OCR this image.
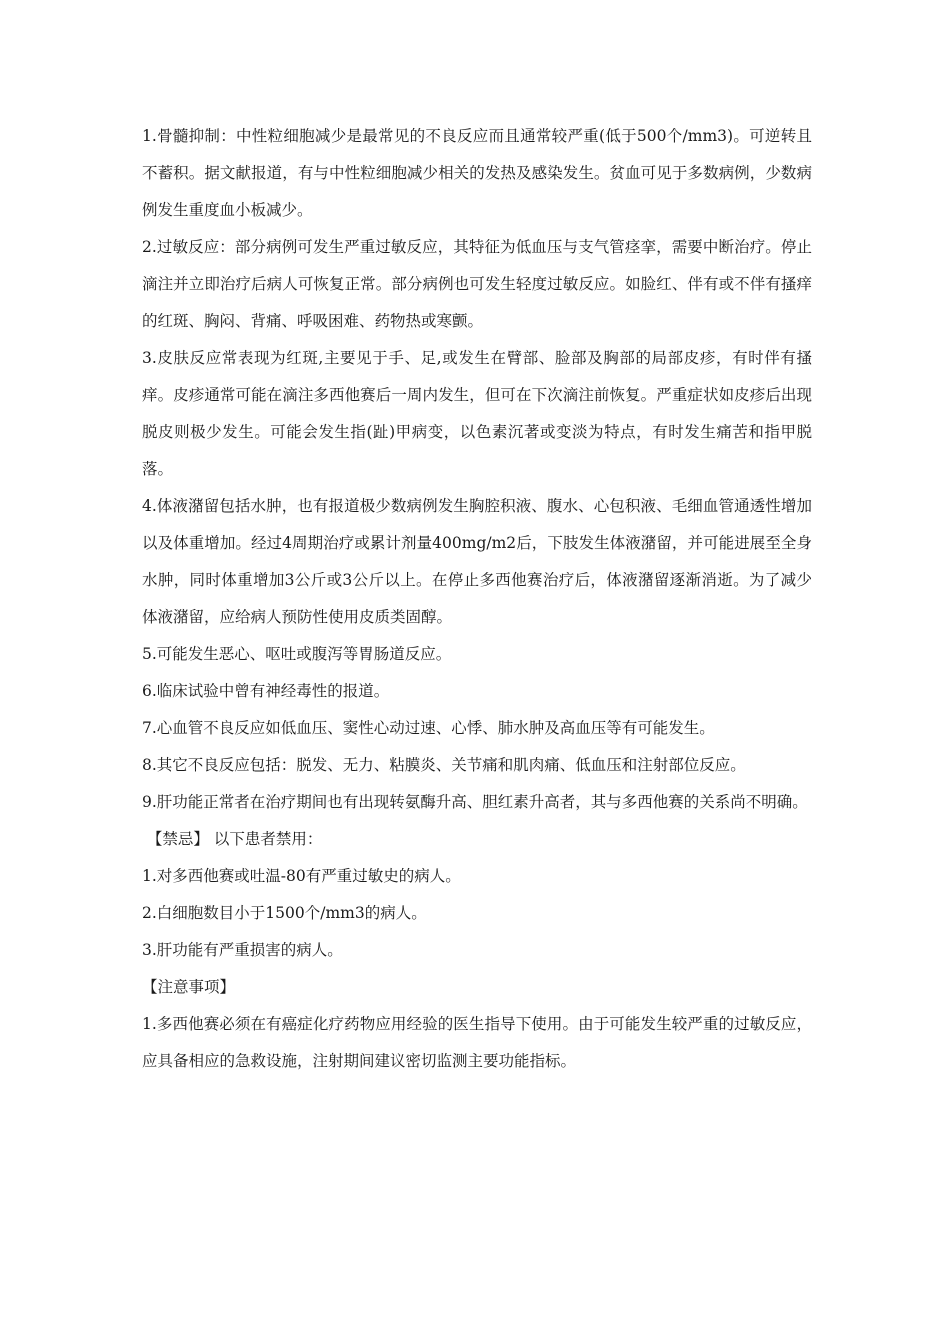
1.骨髓抑制：中性粒细胞减少是最常见的不良反应而且通常较严重(低于500个/mm3)。可逆转且不蓄积。据文献报道，有与中性粒细胞减少相关的发热及感染发生。贫血可见于多数病例，少数病例发生重度血小板减少。

2.过敏反应：部分病例可发生严重过敏反应，其特征为低血压与支气管痉挛，需要中断治疗。停止滴注并立即治疗后病人可恢复正常。部分病例也可发生轻度过敏反应。如脸红、伴有或不伴有搔痒的红斑、胸闷、背痛、呼吸困难、药物热或寒颤。

3.皮肤反应常表现为红斑,主要见于手、足,或发生在臂部、脸部及胸部的局部皮疹，有时伴有搔痒。皮疹通常可能在滴注多西他赛后一周内发生，但可在下次滴注前恢复。严重症状如皮疹后出现脱皮则极少发生。可能会发生指(趾)甲病变，以色素沉著或变淡为特点，有时发生痛苦和指甲脱落。

4.体液潴留包括水肿，也有报道极少数病例发生胸腔积液、腹水、心包积液、毛细血管通透性增加以及体重增加。经过4周期治疗或累计剂量400mg/m2后，下肢发生体液潴留，并可能进展至全身水肿，同时体重增加3公斤或3公斤以上。在停止多西他赛治疗后，体液潴留逐渐消逝。为了减少体液潴留，应给病人预防性使用皮质类固醇。

5.可能发生恶心、呕吐或腹泻等胃肠道反应。

6.临床试验中曾有神经毒性的报道。

7.心血管不良反应如低血压、窦性心动过速、心悸、肺水肿及高血压等有可能发生。

8.其它不良反应包括：脱发、无力、粘膜炎、关节痛和肌肉痛、低血压和注射部位反应。

9.肝功能正常者在治疗期间也有出现转氨酶升高、胆红素升高者，其与多西他赛的关系尚不明确。

【禁忌】 以下患者禁用：

1.对多西他赛或吐温-80有严重过敏史的病人。

2.白细胞数目小于1500个/mm3的病人。

3.肝功能有严重损害的病人。

【注意事项】

1.多西他赛必须在有癌症化疗药物应用经验的医生指导下使用。由于可能发生较严重的过敏反应，应具备相应的急救设施，注射期间建议密切监测主要功能指标。
